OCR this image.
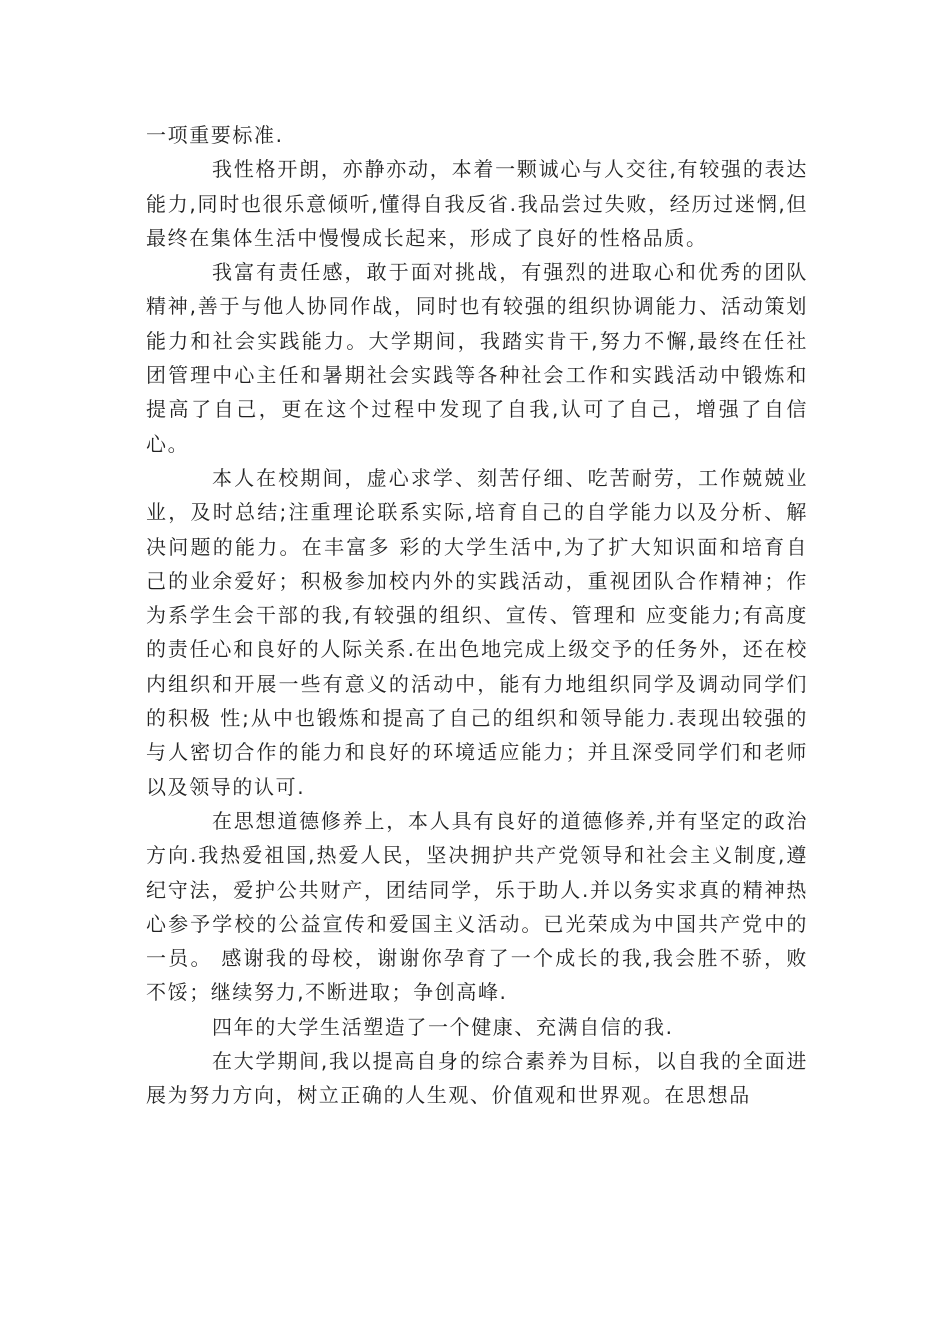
一项重要标准.

我性格开朗，亦静亦动，本着一颗诚心与人交往,有较强的表达能力,同时也很乐意倾听,懂得自我反省.我品尝过失败，经历过迷惘,但最终在集体生活中慢慢成长起来，形成了良好的性格品质。

我富有责任感，敢于面对挑战，有强烈的进取心和优秀的团队精神,善于与他人协同作战，同时也有较强的组织协调能力、活动策划能力和社会实践能力。大学期间，我踏实肯干,努力不懈,最终在任社团管理中心主任和暑期社会实践等各种社会工作和实践活动中锻炼和提高了自己，更在这个过程中发现了自我,认可了自己，增强了自信心。

本人在校期间，虚心求学、刻苦仔细、吃苦耐劳，工作兢兢业业，及时总结;注重理论联系实际,培育自己的自学能力以及分析、解决问题的能力。在丰富多 彩的大学生活中,为了扩大知识面和培育自己的业余爱好；积极参加校内外的实践活动，重视团队合作精神；作为系学生会干部的我,有较强的组织、宣传、管理和 应变能力;有高度的责任心和良好的人际关系.在出色地完成上级交予的任务外，还在校内组织和开展一些有意义的活动中，能有力地组织同学及调动同学们的积极 性;从中也锻炼和提高了自己的组织和领导能力.表现出较强的与人密切合作的能力和良好的环境适应能力；并且深受同学们和老师以及领导的认可.

在思想道德修养上，本人具有良好的道德修养,并有坚定的政治方向.我热爱祖国,热爱人民，坚决拥护共产党领导和社会主义制度,遵纪守法，爱护公共财产，团结同学，乐于助人.并以务实求真的精神热心参予学校的公益宣传和爱国主义活动。已光荣成为中国共产党中的一员。 感谢我的母校，谢谢你孕育了一个成长的我,我会胜不骄，败不馁；继续努力,不断进取；争创高峰.

四年的大学生活塑造了一个健康、充满自信的我.

在大学期间,我以提高自身的综合素养为目标，以自我的全面进展为努力方向，树立正确的人生观、价值观和世界观。在思想品
